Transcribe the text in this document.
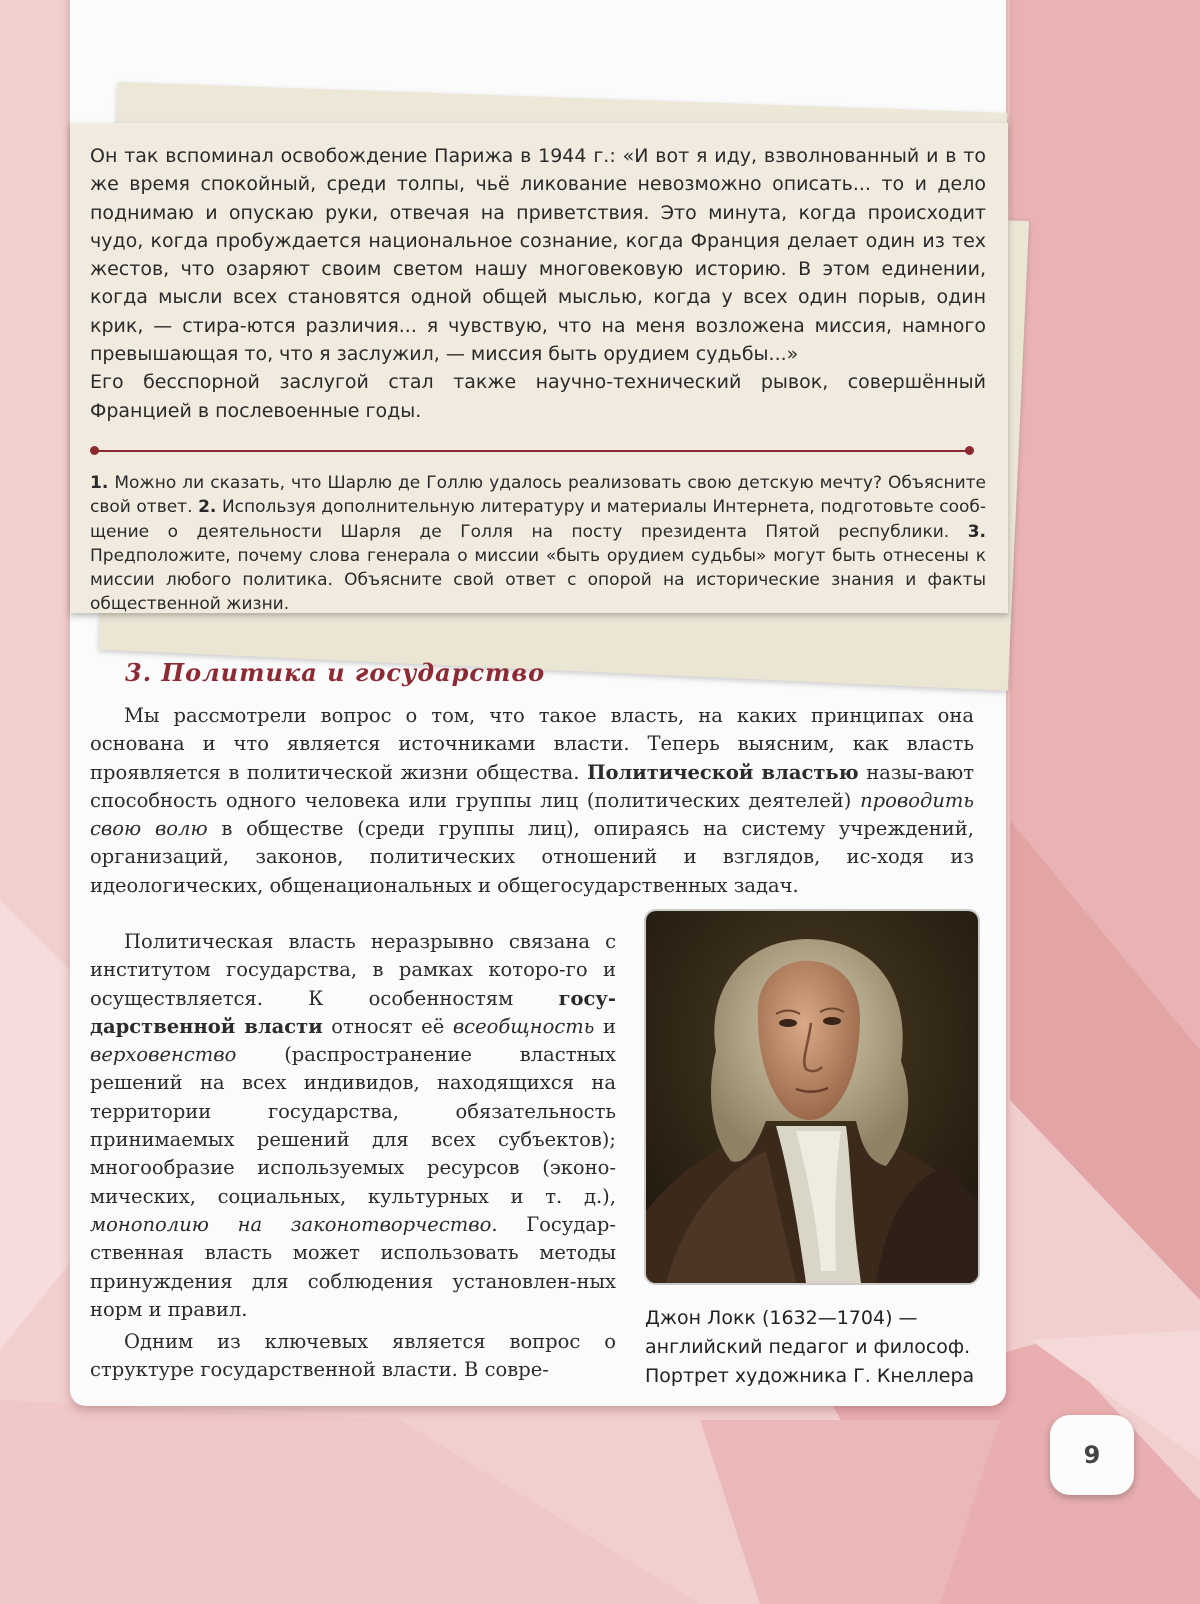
Он так вспоминал освобождение Парижа в 1944 г.: «И вот я иду, взволнованный и в то же время спокойный, среди толпы, чьё ликование невозможно описать... то и дело поднимаю и опускаю руки, отвечая на приветствия. Это минута, когда происходит чудо, когда пробуждается национальное сознание, когда Франция делает один из тех жестов, что озаряют своим светом нашу многовековую историю. В этом единении, когда мысли всех становятся одной общей мыслью, когда у всех один порыв, один крик, — стира-ются различия... я чувствую, что на меня возложена миссия, намного превышающая то, что я заслужил, — миссия быть орудием судьбы...»

Его бесспорной заслугой стал также научно-технический рывок, совершённый Францией в послевоенные годы.

1. Можно ли сказать, что Шарлю де Голлю удалось реализовать свою детскую мечту? Объясните свой ответ. 2. Используя дополнительную литературу и материалы Интернета, подготовьте сооб-щение о деятельности Шарля де Голля на посту президента Пятой республики. 3. Предположите, почему слова генерала о миссии «быть орудием судьбы» могут быть отнесены к миссии любого политика. Объясните свой ответ с опорой на исторические знания и факты общественной жизни.

3. Политика и государство

Мы рассмотрели вопрос о том, что такое власть, на каких принципах она основана и что является источниками власти. Теперь выясним, как власть проявляется в политической жизни общества. Политической властью назы-вают способность одного человека или группы лиц (политических деятелей) проводить свою волю в обществе (среди группы лиц), опираясь на систему учреждений, организаций, законов, политических отношений и взглядов, ис-ходя из идеологических, общенациональных и общегосударственных задач.

Политическая власть неразрывно связана с институтом государства, в рамках которо-го и осуществляется. К особенностям госу-дарственной власти относят её всеобщность и верховенство (распространение властных решений на всех индивидов, находящихся на территории государства, обязательность принимаемых решений для всех субъектов); многообразие используемых ресурсов (эконо-мических, социальных, культурных и т. д.), монополию на законотворчество. Государ-ственная власть может использовать методы принуждения для соблюдения установлен-ных норм и правил.

Одним из ключевых является вопрос о структуре государственной власти. В совре-

Джон Локк (1632—1704) —
английский педагог и философ.
Портрет художника Г. Кнеллера

9
